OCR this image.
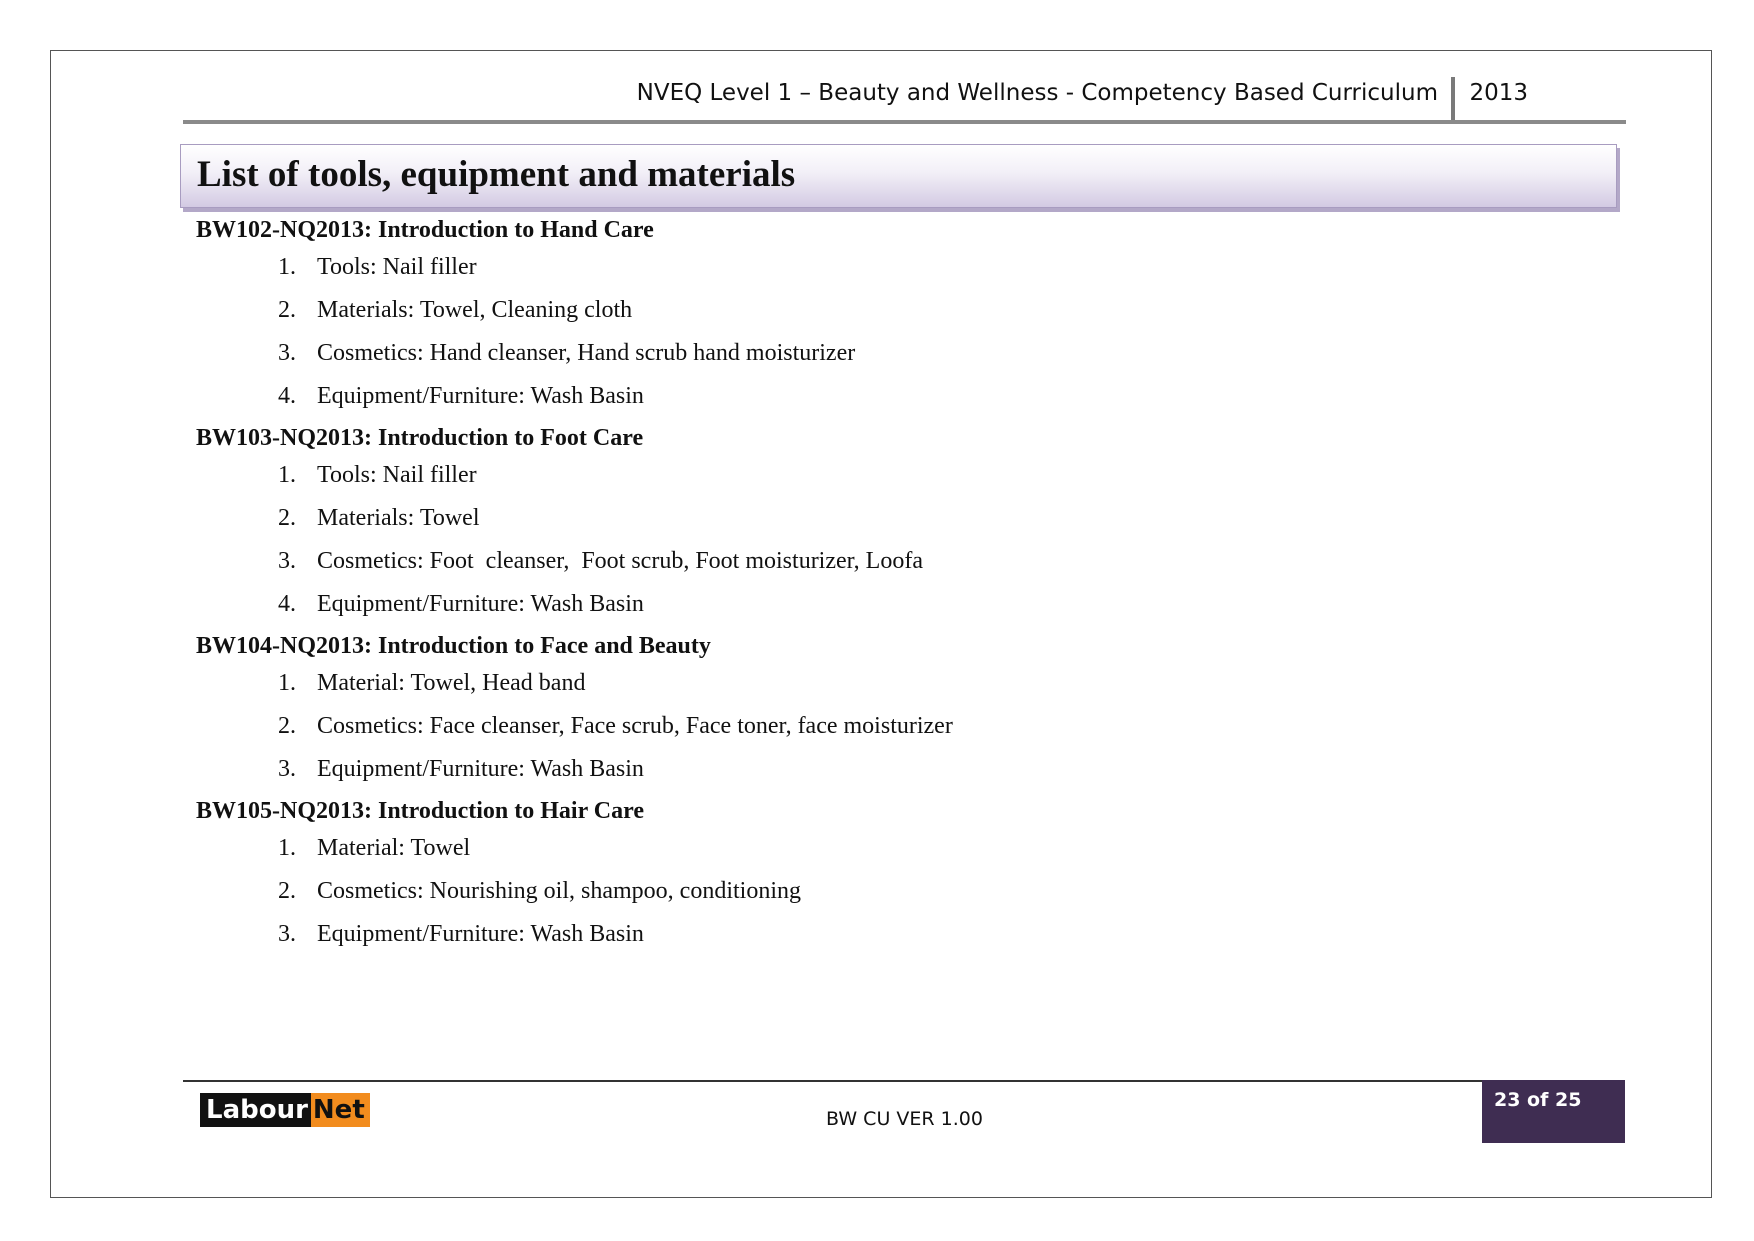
NVEQ Level 1 – Beauty and Wellness - Competency Based Curriculum 2013
List of tools, equipment and materials
BW102-NQ2013: Introduction to Hand Care
1. Tools: Nail filler
2. Materials: Towel, Cleaning cloth
3. Cosmetics: Hand cleanser, Hand scrub hand moisturizer
4. Equipment/Furniture: Wash Basin
BW103-NQ2013: Introduction to Foot Care
1. Tools: Nail filler
2. Materials: Towel
3. Cosmetics: Foot  cleanser,  Foot scrub, Foot moisturizer, Loofa
4. Equipment/Furniture: Wash Basin
BW104-NQ2013: Introduction to Face and Beauty
1. Material: Towel, Head band
2. Cosmetics: Face cleanser, Face scrub, Face toner, face moisturizer
3. Equipment/Furniture: Wash Basin
BW105-NQ2013: Introduction to Hair Care
1. Material: Towel
2. Cosmetics: Nourishing oil, shampoo, conditioning
3. Equipment/Furniture: Wash Basin
Labour Net	BW CU VER 1.00
23 of 25
